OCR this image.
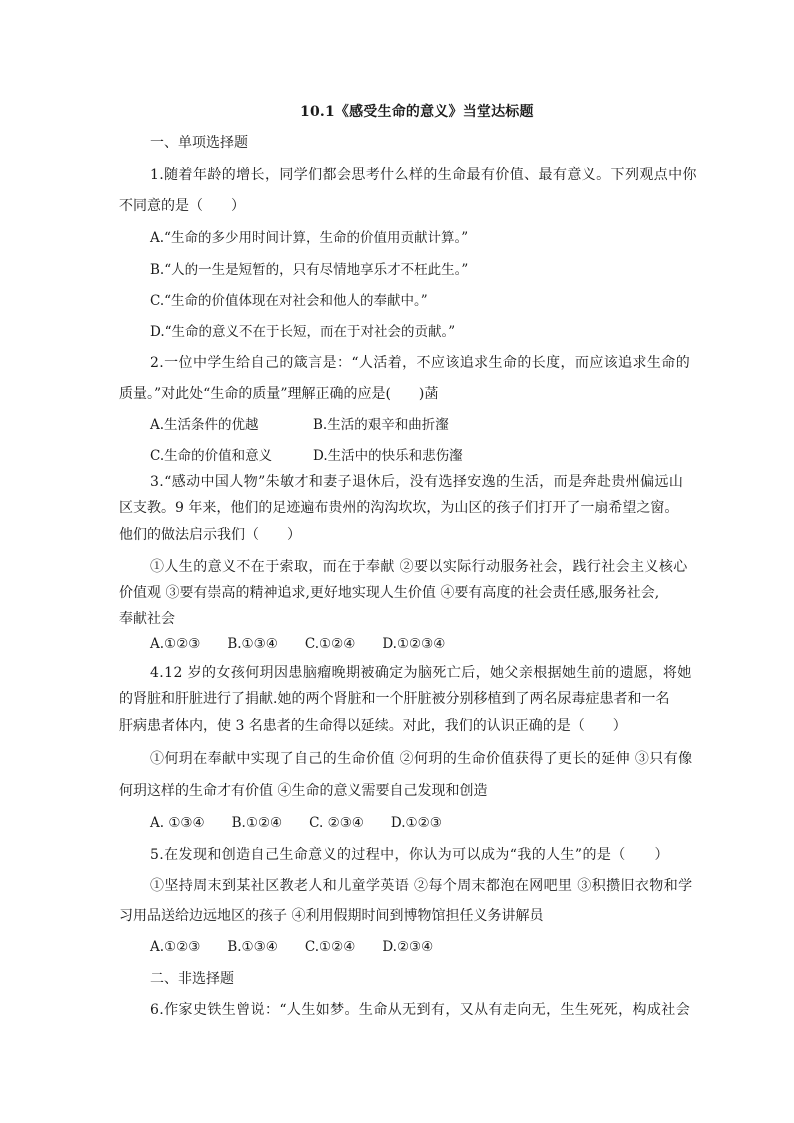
10.1《感受生命的意义》当堂达标题
一、单项选择题
1.随着年龄的增长，同学们都会思考什么样的生命最有价值、最有意义。下列观点中你
不同意的是（　　）
A.“生命的多少用时间计算，生命的价值用贡献计算。”
B.“人的一生是短暂的，只有尽情地享乐才不枉此生。”
C.“生命的价值体现在对社会和他人的奉献中。”
D.“生命的意义不在于长短，而在于对社会的贡献。”
2.一位中学生给自己的箴言是：“人活着，不应该追求生命的长度，而应该追求生命的
质量。”对此处“生命的质量”理解正确的应是(　　)菡
A.生活条件的优越	B.生活的艰辛和曲折瀣
C.生命的价值和意义	D.生活中的快乐和悲伤瀣
3.“感动中国人物”朱敏才和妻子退休后，没有选择安逸的生活，而是奔赴贵州偏远山
区支教。9 年来，他们的足迹遍布贵州的沟沟坎坎，为山区的孩子们打开了一扇希望之窗。
他们的做法启示我们（　　）
①人生的意义不在于索取，而在于奉献 ②要以实际行动服务社会，践行社会主义核心
价值观 ③要有崇高的精神追求,更好地实现人生价值 ④要有高度的社会责任感,服务社会,
奉献社会
A.①②③　　B.①③④　　C.①②④　　D.①②③④
4.12 岁的女孩何玥因患脑瘤晚期被确定为脑死亡后，她父亲根据她生前的遗愿，将她
的肾脏和肝脏进行了捐献.她的两个肾脏和一个肝脏被分别移植到了两名尿毒症患者和一名
肝病患者体内，使 3 名患者的生命得以延续。对此，我们的认识正确的是（　　）
①何玥在奉献中实现了自己的生命价值 ②何玥的生命价值获得了更长的延伸 ③只有像
何玥这样的生命才有价值 ④生命的意义需要自己发现和创造
A. ①③④　　B.①②④　　C. ②③④　　D.①②③
5.在发现和创造自己生命意义的过程中，你认为可以成为“我的人生”的是（　　）
①坚持周末到某社区教老人和儿童学英语 ②每个周末都泡在网吧里 ③积攒旧衣物和学
习用品送给边远地区的孩子 ④利用假期时间到博物馆担任义务讲解员
A.①②③　　B.①③④　　C.①②④　　D.②③④
二、非选择题
6.作家史铁生曾说：“人生如梦。生命从无到有，又从有走向无，生生死死，构成社会
